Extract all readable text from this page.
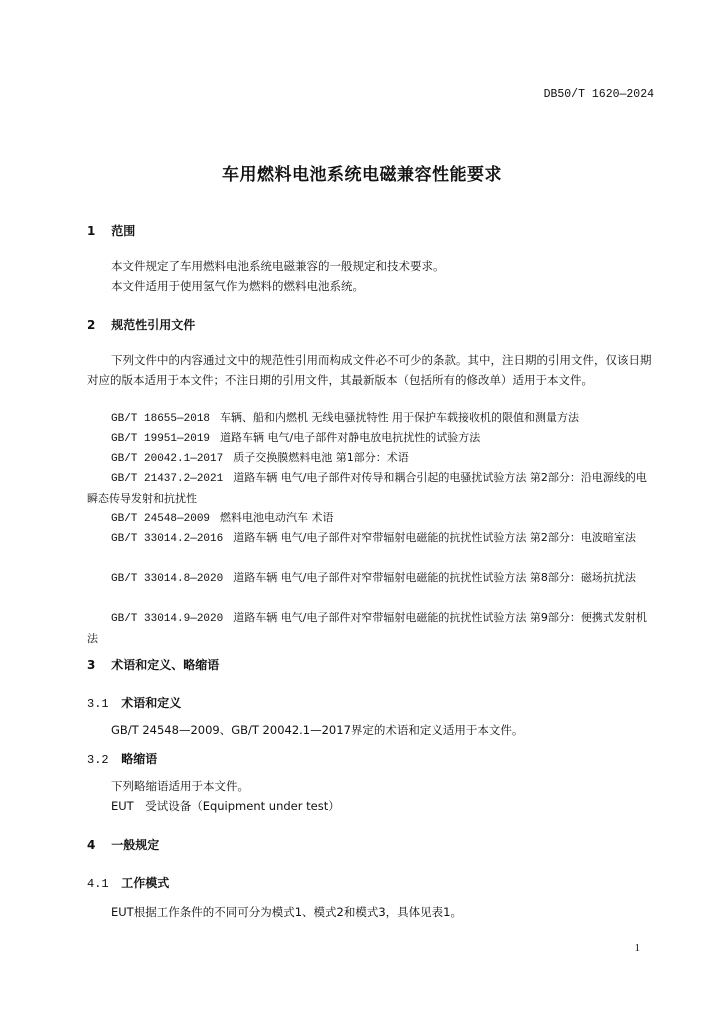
DB50/T 1620—2024
车用燃料电池系统电磁兼容性能要求
1 范围
本文件规定了车用燃料电池系统电磁兼容的一般规定和技术要求。
本文件适用于使用氢气作为燃料的燃料电池系统。
2 规范性引用文件
下列文件中的内容通过文中的规范性引用而构成文件必不可少的条款。其中，注日期的引用文件，仅该日期对应的版本适用于本文件；不注日期的引用文件，其最新版本（包括所有的修改单）适用于本文件。
GB/T 18655—2018 车辆、船和内燃机 无线电骚扰特性 用于保护车载接收机的限值和测量方法
GB/T 19951—2019 道路车辆 电气/电子部件对静电放电抗扰性的试验方法
GB/T 20042.1—2017 质子交换膜燃料电池 第1部分：术语
GB/T 21437.2—2021 道路车辆 电气/电子部件对传导和耦合引起的电骚扰试验方法 第2部分：沿电源线的电瞬态传导发射和抗扰性
GB/T 24548—2009 燃料电池电动汽车 术语
GB/T 33014.2—2016 道路车辆 电气/电子部件对窄带辐射电磁能的抗扰性试验方法 第2部分：电波暗室法
GB/T 33014.8—2020 道路车辆 电气/电子部件对窄带辐射电磁能的抗扰性试验方法 第8部分：磁场抗扰法
GB/T 33014.9—2020 道路车辆 电气/电子部件对窄带辐射电磁能的抗扰性试验方法 第9部分：便携式发射机法
3 术语和定义、略缩语
3.1 术语和定义
GB/T 24548—2009、GB/T 20042.1—2017界定的术语和定义适用于本文件。
3.2 略缩语
下列略缩语适用于本文件。
EUT　受试设备（Equipment under test）
4 一般规定
4.1 工作模式
EUT根据工作条件的不同可分为模式1、模式2和模式3，具体见表1。
1
